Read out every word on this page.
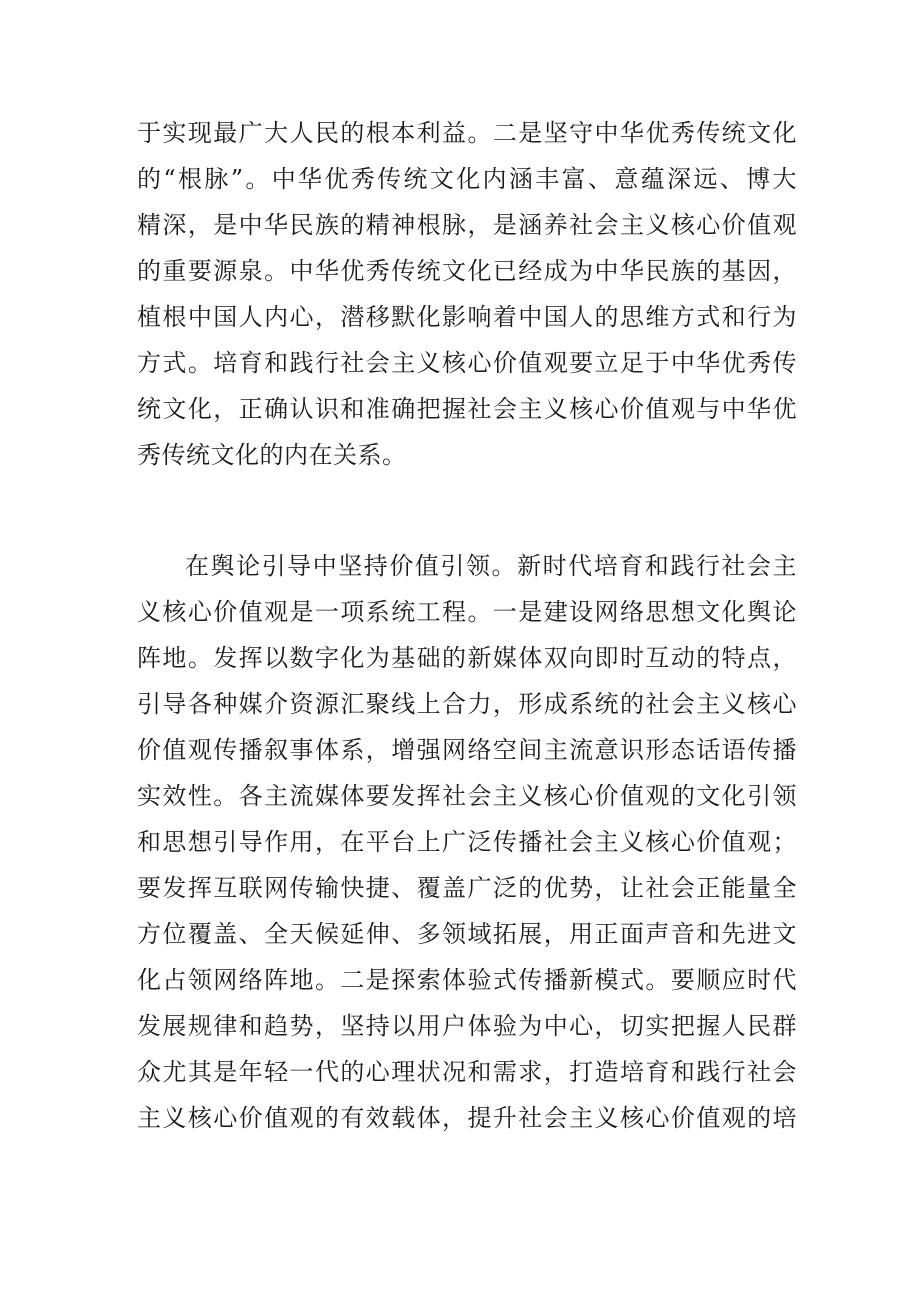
于实现最广大人民的根本利益。二是坚守中华优秀传统文化
的“根脉”。中华优秀传统文化内涵丰富、意蕴深远、博大
精深，是中华民族的精神根脉，是涵养社会主义核心价值观
的重要源泉。中华优秀传统文化已经成为中华民族的基因，
植根中国人内心，潜移默化影响着中国人的思维方式和行为
方式。培育和践行社会主义核心价值观要立足于中华优秀传
统文化，正确认识和准确把握社会主义核心价值观与中华优
秀传统文化的内在关系。
在舆论引导中坚持价值引领。新时代培育和践行社会主
义核心价值观是一项系统工程。一是建设网络思想文化舆论
阵地。发挥以数字化为基础的新媒体双向即时互动的特点，
引导各种媒介资源汇聚线上合力，形成系统的社会主义核心
价值观传播叙事体系，增强网络空间主流意识形态话语传播
实效性。各主流媒体要发挥社会主义核心价值观的文化引领
和思想引导作用，在平台上广泛传播社会主义核心价值观；
要发挥互联网传输快捷、覆盖广泛的优势，让社会正能量全
方位覆盖、全天候延伸、多领域拓展，用正面声音和先进文
化占领网络阵地。二是探索体验式传播新模式。要顺应时代
发展规律和趋势，坚持以用户体验为中心，切实把握人民群
众尤其是年轻一代的心理状况和需求，打造培育和践行社会
主义核心价值观的有效载体，提升社会主义核心价值观的培
